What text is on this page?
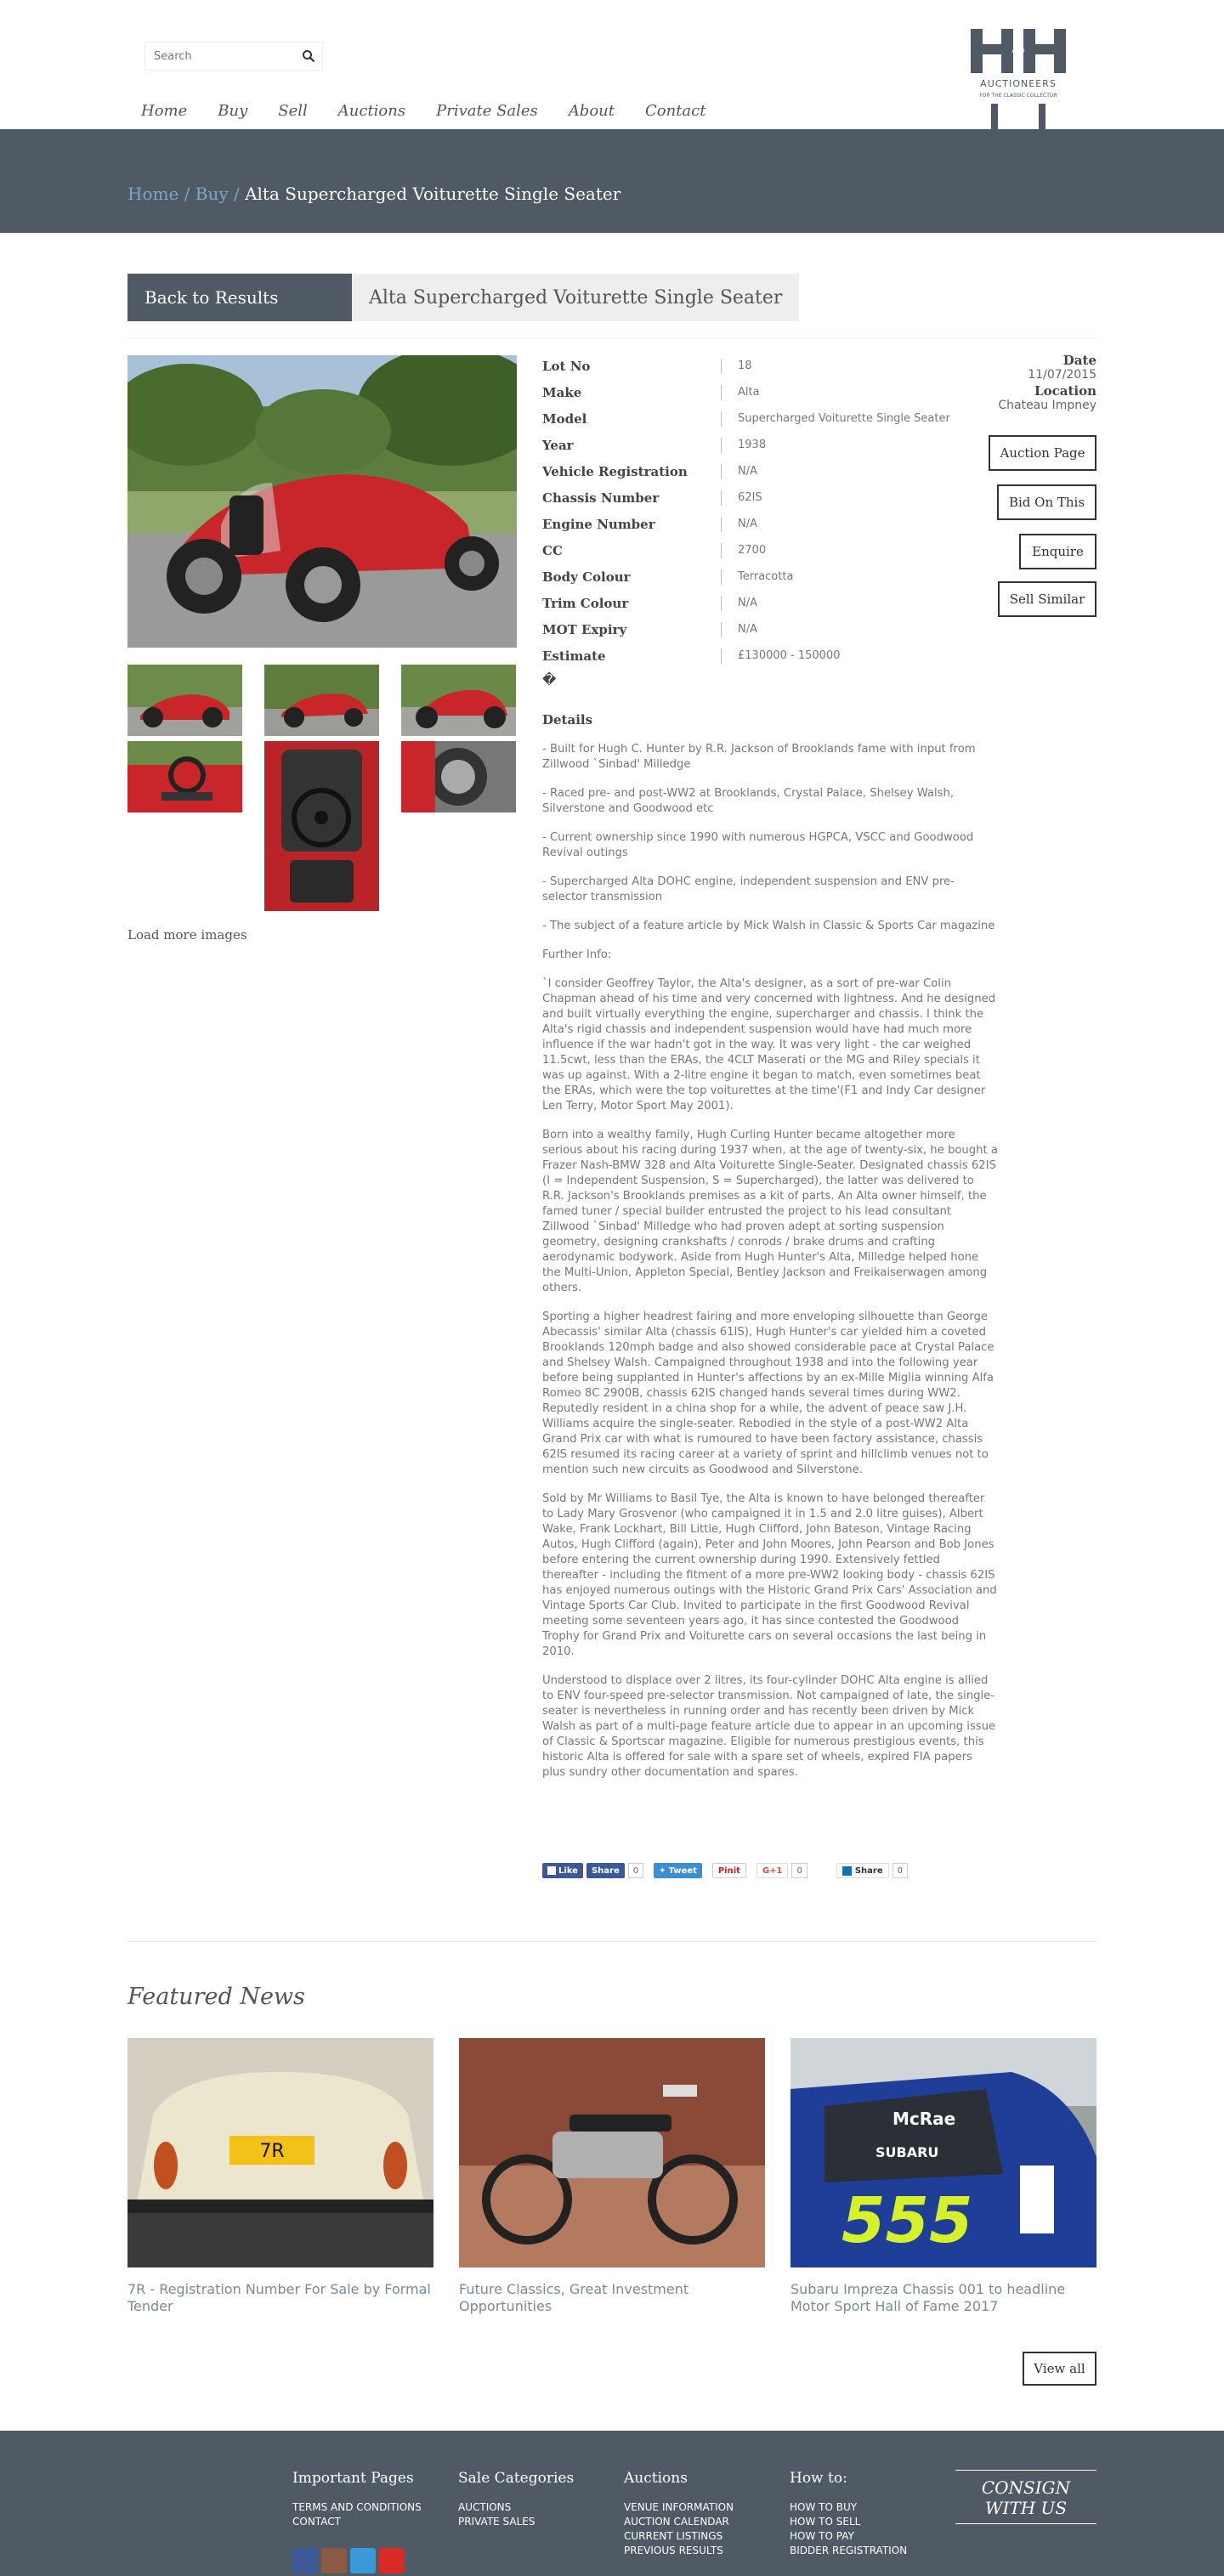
Search
AND
AUCTIONEERS
FOR THE CLASSIC COLLECTOR
Home Buy Sell Auctions Private Sales About Contact
Home / Buy / Alta Supercharged Voiturette Single Seater
Back to Results	Alta Supercharged Voiturette Single Seater
Load more images
Lot No	18
Make	Alta
Model	Supercharged Voiturette Single Seater
Year	1938
Vehicle Registration	N/A
Chassis Number	62IS
Engine Number	N/A
CC	2700
Body Colour	Terracotta
Trim Colour	N/A
MOT Expiry	N/A
Estimate	£130000 - 150000
�
Date
11/07/2015
Location
Chateau Impney
Auction Page
Bid On This
Enquire
Sell Similar
Details

- Built for Hugh C. Hunter by R.R. Jackson of Brooklands fame with input from Zillwood `Sinbad' Milledge

- Raced pre- and post-WW2 at Brooklands, Crystal Palace, Shelsey Walsh, Silverstone and Goodwood etc

- Current ownership since 1990 with numerous HGPCA, VSCC and Goodwood Revival outings

- Supercharged Alta DOHC engine, independent suspension and ENV pre-selector transmission

- The subject of a feature article by Mick Walsh in Classic & Sports Car magazine

Further Info:

`I consider Geoffrey Taylor, the Alta's designer, as a sort of pre-war Colin Chapman ahead of his time and very concerned with lightness. And he designed and built virtually everything the engine, supercharger and chassis. I think the Alta's rigid chassis and independent suspension would have had much more influence if the war hadn't got in the way. It was very light - the car weighed 11.5cwt, less than the ERAs, the 4CLT Maserati or the MG and Riley specials it was up against. With a 2-litre engine it began to match, even sometimes beat the ERAs, which were the top voiturettes at the time'(F1 and Indy Car designer Len Terry, Motor Sport May 2001).

Born into a wealthy family, Hugh Curling Hunter became altogether more serious about his racing during 1937 when, at the age of twenty-six, he bought a Frazer Nash-BMW 328 and Alta Voiturette Single-Seater. Designated chassis 62IS (I = Independent Suspension, S = Supercharged), the latter was delivered to R.R. Jackson's Brooklands premises as a kit of parts. An Alta owner himself, the famed tuner / special builder entrusted the project to his lead consultant Zillwood `Sinbad' Milledge who had proven adept at sorting suspension geometry, designing crankshafts / conrods / brake drums and crafting aerodynamic bodywork. Aside from Hugh Hunter's Alta, Milledge helped hone the Multi-Union, Appleton Special, Bentley Jackson and Freikaiserwagen among others.

Sporting a higher headrest fairing and more enveloping silhouette than George Abecassis' similar Alta (chassis 61IS), Hugh Hunter's car yielded him a coveted Brooklands 120mph badge and also showed considerable pace at Crystal Palace and Shelsey Walsh. Campaigned throughout 1938 and into the following year before being supplanted in Hunter's affections by an ex-Mille Miglia winning Alfa Romeo 8C 2900B, chassis 62IS changed hands several times during WW2. Reputedly resident in a china shop for a while, the advent of peace saw J.H. Williams acquire the single-seater. Rebodied in the style of a post-WW2 Alta Grand Prix car with what is rumoured to have been factory assistance, chassis 62IS resumed its racing career at a variety of sprint and hillclimb venues not to mention such new circuits as Goodwood and Silverstone.

Sold by Mr Williams to Basil Tye, the Alta is known to have belonged thereafter to Lady Mary Grosvenor (who campaigned it in 1.5 and 2.0 litre guises), Albert Wake, Frank Lockhart, Bill Little, Hugh Clifford, John Bateson, Vintage Racing Autos, Hugh Clifford (again), Peter and John Moores, John Pearson and Bob Jones before entering the current ownership during 1990. Extensively fettled thereafter - including the fitment of a more pre-WW2 looking body - chassis 62IS has enjoyed numerous outings with the Historic Grand Prix Cars' Association and Vintage Sports Car Club. Invited to participate in the first Goodwood Revival meeting some seventeen years ago, it has since contested the Goodwood Trophy for Grand Prix and Voiturette cars on several occasions the last being in 2010.

Understood to displace over 2 litres, its four-cylinder DOHC Alta engine is allied to ENV four-speed pre-selector transmission. Not campaigned of late, the single-seater is nevertheless in running order and has recently been driven by Mick Walsh as part of a multi-page feature article due to appear in an upcoming issue of Classic & Sportscar magazine. Eligible for numerous prestigious events, this historic Alta is offered for sale with a spare set of wheels, expired FIA papers plus sundry other documentation and spares.

Like	Share	0	✦ Tweet	Pinit	G+1	0	Share	0
Featured News
7R
7R - Registration Number For Sale by Formal Tender
Future Classics, Great Investment Opportunities
McRae
SUBARU
555
Subaru Impreza Chassis 001 to headline Motor Sport Hall of Fame 2017
View all
Important Pages
TERMS AND CONDITIONS
CONTACT
Sale Categories
AUCTIONS
PRIVATE SALES
Auctions
VENUE INFORMATION
AUCTION CALENDAR
CURRENT LISTINGS
PREVIOUS RESULTS
How to:
HOW TO BUY
HOW TO SELL
HOW TO PAY
BIDDER REGISTRATION
CONSIGN
WITH US
